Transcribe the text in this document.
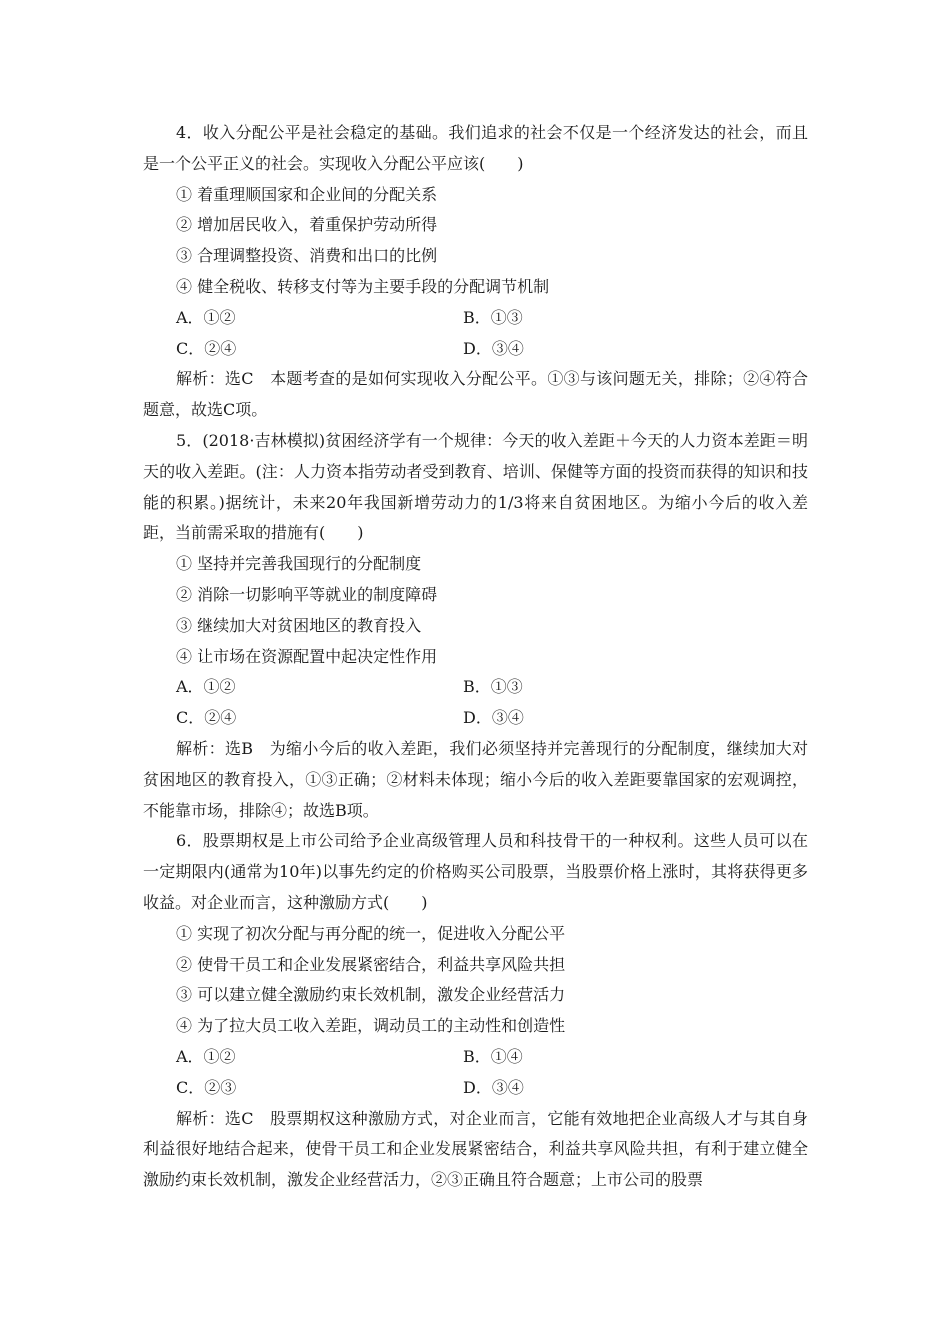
4．收入分配公平是社会稳定的基础。我们追求的社会不仅是一个经济发达的社会，而且是一个公平正义的社会。实现收入分配公平应该(　　)
① 着重理顺国家和企业间的分配关系
② 增加居民收入，着重保护劳动所得
③ 合理调整投资、消费和出口的比例
④ 健全税收、转移支付等为主要手段的分配调节机制
A．①②	B．①③
C．②④	D．③④
解析：选C　本题考查的是如何实现收入分配公平。①③与该问题无关，排除；②④符合题意，故选C项。
5．(2018·吉林模拟)贫困经济学有一个规律：今天的收入差距＋今天的人力资本差距＝明天的收入差距。(注：人力资本指劳动者受到教育、培训、保健等方面的投资而获得的知识和技能的积累。)据统计，未来20年我国新增劳动力的1/3将来自贫困地区。为缩小今后的收入差距，当前需采取的措施有(　　)
① 坚持并完善我国现行的分配制度
② 消除一切影响平等就业的制度障碍
③ 继续加大对贫困地区的教育投入
④ 让市场在资源配置中起决定性作用
A．①②	B．①③
C．②④	D．③④
解析：选B　为缩小今后的收入差距，我们必须坚持并完善现行的分配制度，继续加大对贫困地区的教育投入，①③正确；②材料未体现；缩小今后的收入差距要靠国家的宏观调控，不能靠市场，排除④；故选B项。
6．股票期权是上市公司给予企业高级管理人员和科技骨干的一种权利。这些人员可以在一定期限内(通常为10年)以事先约定的价格购买公司股票，当股票价格上涨时，其将获得更多收益。对企业而言，这种激励方式(　　)
① 实现了初次分配与再分配的统一，促进收入分配公平
② 使骨干员工和企业发展紧密结合，利益共享风险共担
③ 可以建立健全激励约束长效机制，激发企业经营活力
④ 为了拉大员工收入差距，调动员工的主动性和创造性
A．①②	B．①④
C．②③	D．③④
解析：选C　股票期权这种激励方式，对企业而言，它能有效地把企业高级人才与其自身利益很好地结合起来，使骨干员工和企业发展紧密结合，利益共享风险共担，有利于建立健全激励约束长效机制，激发企业经营活力，②③正确且符合题意；上市公司的股票
